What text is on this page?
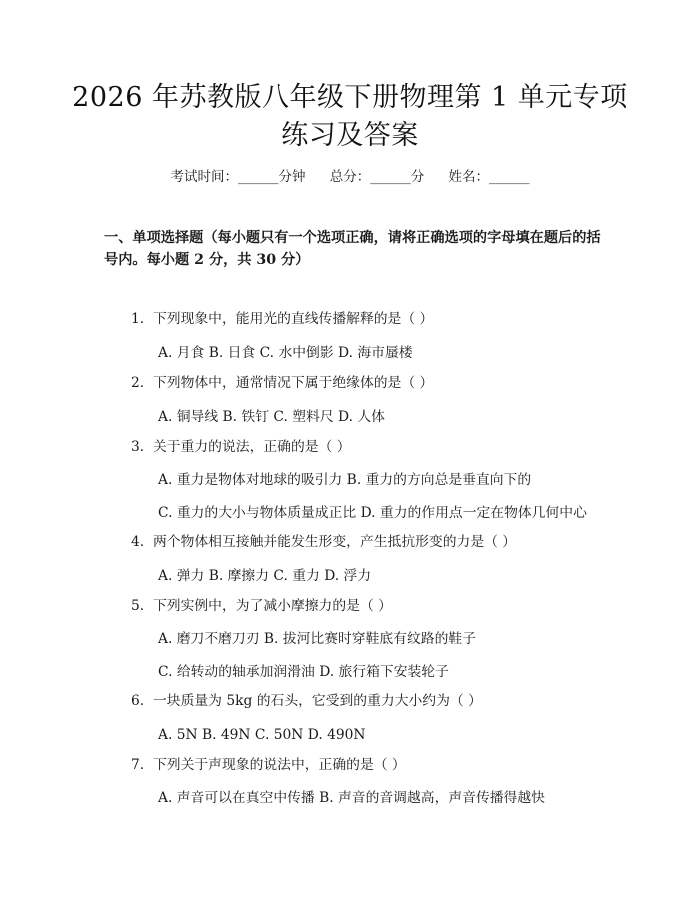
2026 年苏教版八年级下册物理第 1 单元专项
练习及答案
考试时间：______分钟 总分：______分 姓名：______
一、单项选择题（每小题只有一个选项正确，请将正确选项的字母填在题后的括
号内。每小题 2 分，共 30 分）
1. 下列现象中，能用光的直线传播解释的是（ ）
A. 月食 B. 日食 C. 水中倒影 D. 海市蜃楼
2. 下列物体中，通常情况下属于绝缘体的是（ ）
A. 铜导线 B. 铁钉 C. 塑料尺 D. 人体
3. 关于重力的说法，正确的是（ ）
A. 重力是物体对地球的吸引力 B. 重力的方向总是垂直向下的
C. 重力的大小与物体质量成正比 D. 重力的作用点一定在物体几何中心
4. 两个物体相互接触并能发生形变，产生抵抗形变的力是（ ）
A. 弹力 B. 摩擦力 C. 重力 D. 浮力
5. 下列实例中，为了减小摩擦力的是（ ）
A. 磨刀不磨刀刃 B. 拔河比赛时穿鞋底有纹路的鞋子
C. 给转动的轴承加润滑油 D. 旅行箱下安装轮子
6. 一块质量为 5kg 的石头，它受到的重力大小约为（ ）
A. 5N B. 49N C. 50N D. 490N
7. 下列关于声现象的说法中，正确的是（ ）
A. 声音可以在真空中传播 B. 声音的音调越高，声音传播得越快
